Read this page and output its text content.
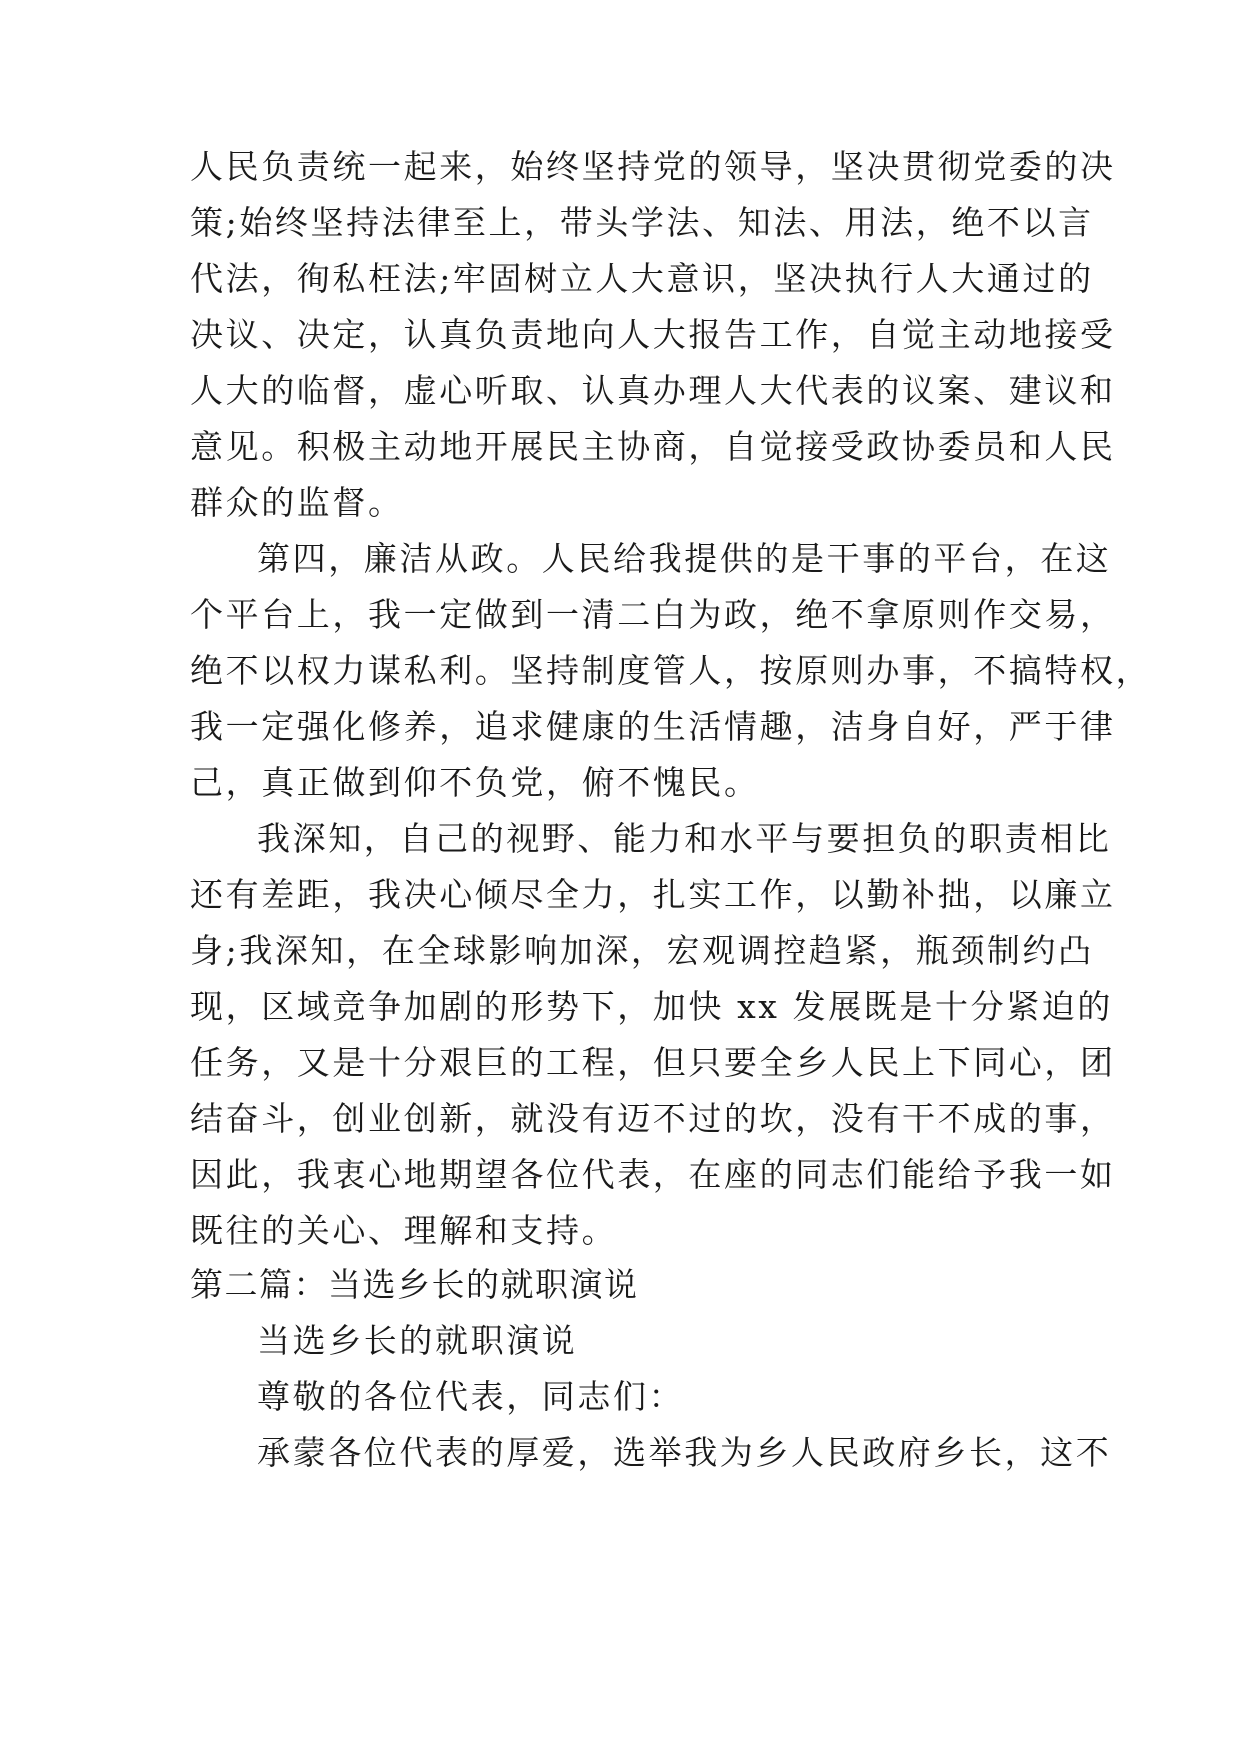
人民负责统一起来，始终坚持党的领导，坚决贯彻党委的决
策;始终坚持法律至上，带头学法、知法、用法，绝不以言
代法，徇私枉法;牢固树立人大意识，坚决执行人大通过的
决议、决定，认真负责地向人大报告工作，自觉主动地接受
人大的临督，虚心听取、认真办理人大代表的议案、建议和
意见。积极主动地开展民主协商，自觉接受政协委员和人民
群众的监督。
第四，廉洁从政。人民给我提供的是干事的平台，在这
个平台上，我一定做到一清二白为政，绝不拿原则作交易，
绝不以权力谋私利。坚持制度管人，按原则办事，不搞特权，
我一定强化修养，追求健康的生活情趣，洁身自好，严于律
己，真正做到仰不负党，俯不愧民。
我深知，自己的视野、能力和水平与要担负的职责相比
还有差距，我决心倾尽全力，扎实工作，以勤补拙，以廉立
身;我深知，在全球影响加深，宏观调控趋紧，瓶颈制约凸
现，区域竞争加剧的形势下，加快 xx 发展既是十分紧迫的
任务，又是十分艰巨的工程，但只要全乡人民上下同心，团
结奋斗，创业创新，就没有迈不过的坎，没有干不成的事，
因此，我衷心地期望各位代表，在座的同志们能给予我一如
既往的关心、理解和支持。
第二篇：当选乡长的就职演说
当选乡长的就职演说
尊敬的各位代表，同志们：
承蒙各位代表的厚爱，选举我为乡人民政府乡长，这不
